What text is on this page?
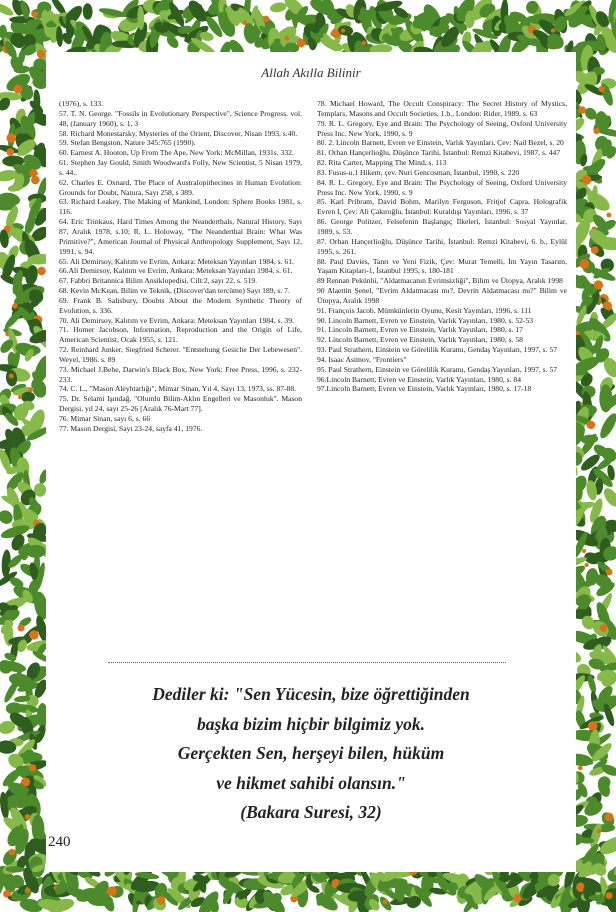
Allah Akılla Bilinir

(1976), s. 133.

57. T. N. George. "Fossils in Evolutionary Perspective", Science Progress. vol. 48, (January 1960), s. 1, 3

58. Richard Monestarsky, Mysteries of the Orient, Discover, Nisan 1993, s.40.

59. Stefan Bengston, Nature 345:765 (1990).

60. Earnest A. Hooton, Up From The Ape, New York: McMillan, 1931s. 332.

61. Stephen Jay Gould, Smith Woodward's Folly, New Scientist, 5 Nisan 1979, s. 44..

62. Charles E. Oxnard, The Place of Australopithecines in Human Evolution: Grounds for Doubt, Natura, Sayı 258, s 389.

63. Richard Leakey, The Making of Mankind, London: Sphere Books 1981, s. 116.

64. Eric Trinkaus, Hard Times Among the Neanderthals, Natural History, Sayı 87, Aralık 1978, s.10; R. L. Holoway, "The Neanderthal Brain: What Was Primitive?", American Journal of Physical Anthropology Supplement, Sayı 12, 1991, s. 94.

65. Ali Demirsoy, Kalıtım ve Evrim, Ankara: Meteksan Yayınları 1984, s. 61.

66.Ali Demirsoy, Kalıtım ve Evrim, Ankara: Meteksan Yayınları 1984, s. 61.

67. Fabbri Britannica Bilim Ansiklopedisi, Cilt:2, sayı 22, s. 519.

68. Kevin McKean, Bilim ve Teknik, (Discover'dan tercüme) Sayı 189, s. 7.

69. Frank B. Salisbury, Doubts About the Modern Synthetic Theory of Evolution, s. 336.

70. Ali Demirsoy, Kalıtım ve Evrim, Ankara: Meteksan Yayınları 1984, s. 39.

71. Homer Jacobson, Information, Reproduction and the Origin of Life, American Scientist, Ocak 1955, s. 121.

72. Reinhard Junker, Siegfried Scherer. "Entstehung Gesiche Der Lebewesen". Weyel, 1986. s. 89

73. Michael J.Behe, Darwin's Black Box, New York: Free Press, 1996, s. 232-233.

74. C. L., "Mason Aleyhtarlığı", Mimar Sinan, Yıl 4, Sayı 13, 1973, ss. 87-88.

75. Dr. Selami Işındağ. "Olumlu Bilim-Aklın Engelleri ve Masonluk". Mason Dergisi, yıl 24, sayı 25-26 [Aralık 76-Mart 77].

76. Mimar Sinan, sayı 6, s. 66

77. Mason Dergisi, Sayı 23-24, sayfa 41, 1976.

78. Michael Howard, The Occult Conspiracy: The Secret History of Mystics, Templars, Masons and Occult Societies, 1.b., London: Rider, 1989, s. 63

79. R. L. Gregory, Eye and Brain: The Psychology of Seeing, Oxford University Press Inc. New York, 1990, s. 9

80. 2. Lincoln Barnett, Evren ve Einstein, Varlık Yayınları, Çev: Nail Bezel, s. 20

81. Orhan Hançerlioğlu, Düşünce Tarihi, İstanbul: Remzi Kitabevi, 1987, s. 447

82. Rita Carter, Mapping The Mind, s. 113

83. Fusus-u.1 Hikem, çev. Nuri Gencosman, İstanbul, 1990, s. 220

84. R. L. Gregory, Eye and Brain: The Psychology of Seeing, Oxford University Press Inc. New York, 1990, s. 9

85. Karl Pribram, David Bohm, Marilyn Ferguson, Fritjof Capra, Holografik Evren I, Çev: Ali Çakıroğlu, İstanbul: Kuraldışı Yayınları, 1996, s. 37

86. George Politzer, Felsefenin Başlangıç İlkeleri, İstanbul: Sosyal Yayınlar, 1989, s. 53.

87. Orhan Hançerlioğlu, Düşünce Tarihi, İstanbul: Remzi Kitabevi, 6. b., Eylül 1995, s. 261.

88. Paul Davies, Tanrı ve Yeni Fizik, Çev: Murat Temelli, İm Yayın Tasarım, Yaşam Kitapları-1, İstanbul 1995, s. 180-181

89 Rennan Pekünlü, "Aldatmacanın Evrimsizliği", Bilim ve Ütopya, Aralık 1998

90 Alaettin Şenel, "Evrim Aldatmacası mı?, Devrin Aldatmacası mı?" Bilim ve Ütopya, Aralık 1998

91. François Jacob, Mümkünlerin Oyunu, Kesit Yayınları, 1996, s. 111

90. Lincoln Barnett, Evren ve Einstein, Varlık Yayınları, 1980, s. 52-53

91. Lincoln Barnett, Evren ve Einstein, Varlık Yayınları, 1980, s. 17

92. Lincoln Barnett, Evren ve Einstein, Varlık Yayınları, 1980, s. 58

93. Paul Strathern, Einstein ve Görelilik Kuramı, Gendaş Yayınları, 1997, s. 57

94. Isaac Asimov, "Frontiers"

95. Paul Strathern, Einstein ve Görelilik Kuramı, Gendaş Yayınları, 1997, s. 57

96.Lincoln Barnett, Evren ve Einstein, Varlık Yayınları, 1980, s. 84

97.Lincoln Barnett, Evren ve Einstein, Varlık Yayınları, 1980, s. 17-18

Dediler ki: "Sen Yücesin, bize öğrettiğinden
başka bizim hiçbir bilgimiz yok.
Gerçekten Sen, herşeyi bilen, hüküm
ve hikmet sahibi olansın."
(Bakara Suresi, 32)
240
